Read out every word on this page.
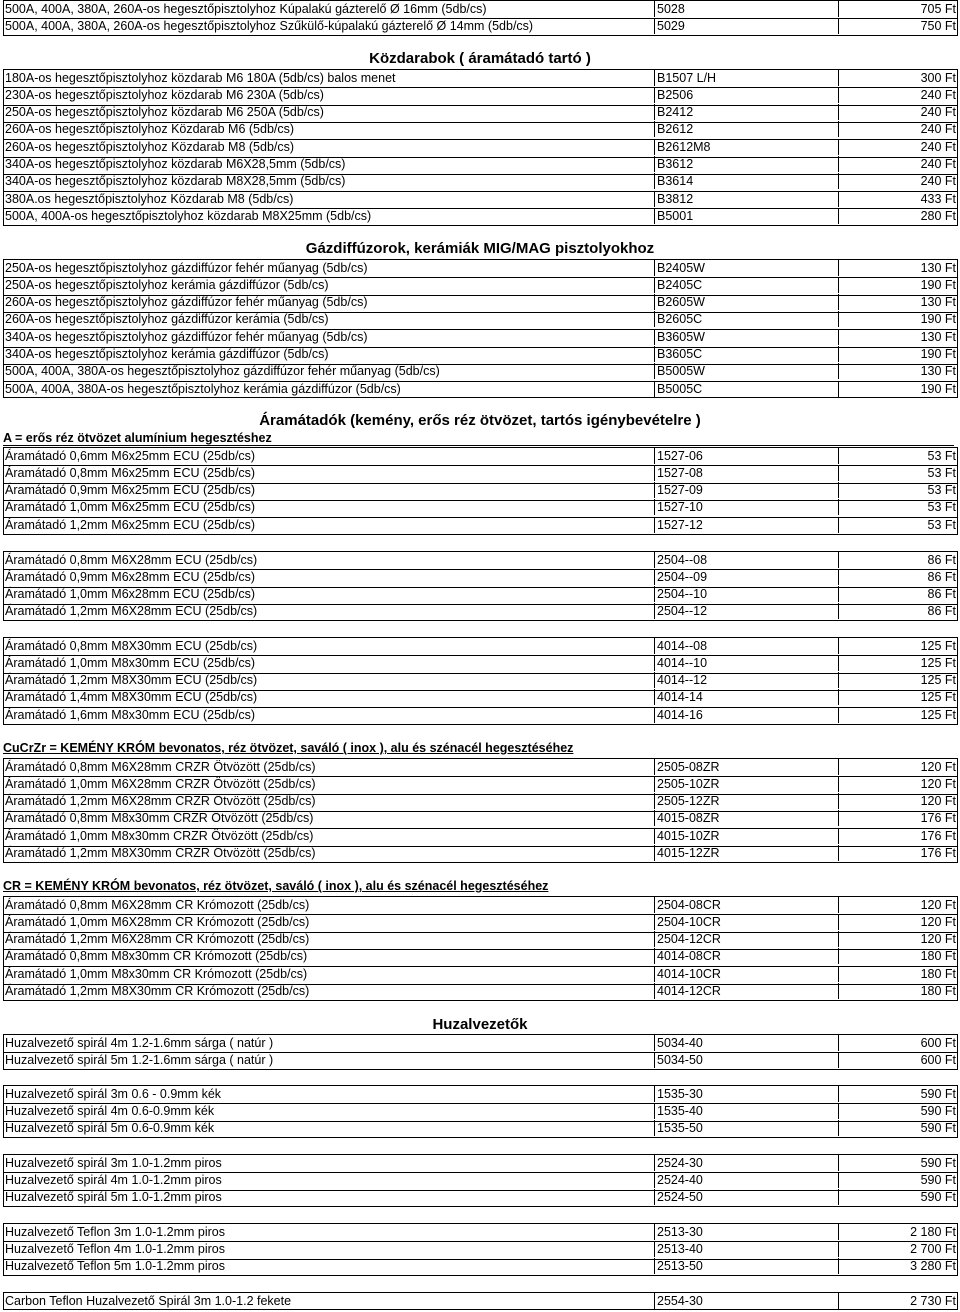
500A, 400A, 380A, 260A-os hegesztőpisztolyhoz Kúpalakú gázterelő Ø 16mm (5db/cs)	5028	705 Ft
500A, 400A, 380A, 260A-os hegesztőpisztolyhoz Szűkülő-kúpalakú gázterelő Ø 14mm (5db/cs)	5029	750 Ft
Közdarabok ( áramátadó tartó )
180A-os hegesztőpisztolyhoz közdarab M6 180A (5db/cs) balos menet	B1507 L/H	300 Ft
230A-os hegesztőpisztolyhoz közdarab M6 230A (5db/cs)	B2506	240 Ft
250A-os hegesztőpisztolyhoz közdarab M6 250A (5db/cs)	B2412	240 Ft
260A-os hegesztőpisztolyhoz Közdarab M6 (5db/cs)	B2612	240 Ft
260A-os hegesztőpisztolyhoz Közdarab M8 (5db/cs)	B2612M8	240 Ft
340A-os hegesztőpisztolyhoz közdarab M6X28,5mm (5db/cs)	B3612	240 Ft
340A-os hegesztőpisztolyhoz közdarab M8X28,5mm (5db/cs)	B3614	240 Ft
380A.os hegesztőpisztolyhoz Közdarab M8 (5db/cs)	B3812	433 Ft
500A, 400A-os hegesztőpisztolyhoz közdarab M8X25mm (5db/cs)	B5001	280 Ft
Gázdiffúzorok, kerámiák MIG/MAG pisztolyokhoz
250A-os hegesztőpisztolyhoz gázdiffúzor fehér műanyag (5db/cs)	B2405W	130 Ft
250A-os hegesztőpisztolyhoz kerámia gázdiffúzor (5db/cs)	B2405C	190 Ft
260A-os hegesztőpisztolyhoz gázdiffúzor fehér műanyag (5db/cs)	B2605W	130 Ft
260A-os hegesztőpisztolyhoz gázdiffúzor kerámia (5db/cs)	B2605C	190 Ft
340A-os hegesztőpisztolyhoz gázdiffúzor fehér műanyag (5db/cs)	B3605W	130 Ft
340A-os hegesztőpisztolyhoz kerámia gázdiffúzor (5db/cs)	B3605C	190 Ft
500A, 400A, 380A-os hegesztőpisztolyhoz gázdiffúzor fehér műanyag (5db/cs)	B5005W	130 Ft
500A, 400A, 380A-os hegesztőpisztolyhoz kerámia gázdiffúzor (5db/cs)	B5005C	190 Ft
Áramátadók (kemény, erős réz ötvözet, tartós igénybevételre )
A = erős réz ötvözet alumínium hegesztéshez
Áramátadó 0,6mm M6x25mm ECU (25db/cs)	1527-06	53 Ft
Áramátadó 0,8mm M6x25mm ECU (25db/cs)	1527-08	53 Ft
Áramátadó 0,9mm M6x25mm ECU (25db/cs)	1527-09	53 Ft
Áramátadó 1,0mm M6x25mm ECU (25db/cs)	1527-10	53 Ft
Áramátadó 1,2mm M6x25mm ECU (25db/cs)	1527-12	53 Ft
Áramátadó 0,8mm M6X28mm ECU (25db/cs)	2504--08	86 Ft
Áramátadó 0,9mm M6x28mm ECU (25db/cs)	2504--09	86 Ft
Áramátadó 1,0mm M6x28mm ECU (25db/cs)	2504--10	86 Ft
Áramátadó 1,2mm M6X28mm ECU (25db/cs)	2504--12	86 Ft
Áramátadó 0,8mm M8X30mm ECU (25db/cs)	4014--08	125 Ft
Áramátadó 1,0mm M8x30mm ECU (25db/cs)	4014--10	125 Ft
Áramátadó 1,2mm M8X30mm ECU (25db/cs)	4014--12	125 Ft
Áramátadó 1,4mm M8X30mm ECU (25db/cs)	4014-14	125 Ft
Áramátadó 1,6mm M8x30mm ECU (25db/cs)	4014-16	125 Ft
CuCrZr = KEMÉNY KRÓM bevonatos, réz ötvözet, saváló ( inox ), alu és szénacél hegesztéséhez
Áramátadó 0,8mm M6X28mm CRZR Ötvözött (25db/cs)	2505-08ZR	120 Ft
Áramátadó 1,0mm M6X28mm CRZR Ötvözött (25db/cs)	2505-10ZR	120 Ft
Áramátadó 1,2mm M6X28mm CRZR Ötvözött (25db/cs)	2505-12ZR	120 Ft
Áramátadó 0,8mm M8x30mm CRZR Ötvözött (25db/cs)	4015-08ZR	176 Ft
Áramátadó 1,0mm M8x30mm CRZR Ötvözött (25db/cs)	4015-10ZR	176 Ft
Áramátadó 1,2mm M8X30mm CRZR Ötvözött (25db/cs)	4015-12ZR	176 Ft
CR = KEMÉNY KRÓM bevonatos, réz ötvözet, saváló ( inox ), alu és szénacél hegesztéséhez
Áramátadó 0,8mm M6X28mm CR Krómozott (25db/cs)	2504-08CR	120 Ft
Áramátadó 1,0mm M6X28mm CR Krómozott (25db/cs)	2504-10CR	120 Ft
Áramátadó 1,2mm M6X28mm CR Krómozott (25db/cs)	2504-12CR	120 Ft
Áramátadó 0,8mm M8x30mm CR Krómozott (25db/cs)	4014-08CR	180 Ft
Áramátadó 1,0mm M8x30mm CR Krómozott (25db/cs)	4014-10CR	180 Ft
Áramátadó 1,2mm M8X30mm CR Krómozott (25db/cs)	4014-12CR	180 Ft
Huzalvezetők
Huzalvezető spirál 4m 1.2-1.6mm sárga ( natúr )	5034-40	600 Ft
Huzalvezető spirál 5m 1.2-1.6mm sárga ( natúr )	5034-50	600 Ft
Huzalvezető spirál 3m 0.6 - 0.9mm kék	1535-30	590 Ft
Huzalvezető spirál 4m 0.6-0.9mm kék	1535-40	590 Ft
Huzalvezető spirál 5m 0.6-0.9mm kék	1535-50	590 Ft
Huzalvezető spirál 3m 1.0-1.2mm piros	2524-30	590 Ft
Huzalvezető spirál 4m 1.0-1.2mm piros	2524-40	590 Ft
Huzalvezető spirál 5m 1.0-1.2mm piros	2524-50	590 Ft
Huzalvezető Teflon 3m 1.0-1.2mm piros	2513-30	2 180 Ft
Huzalvezető Teflon 4m 1.0-1.2mm piros	2513-40	2 700 Ft
Huzalvezető Teflon 5m 1.0-1.2mm piros	2513-50	3 280 Ft
Carbon Teflon Huzalvezető Spirál 3m 1.0-1.2 fekete	2554-30	2 730 Ft
